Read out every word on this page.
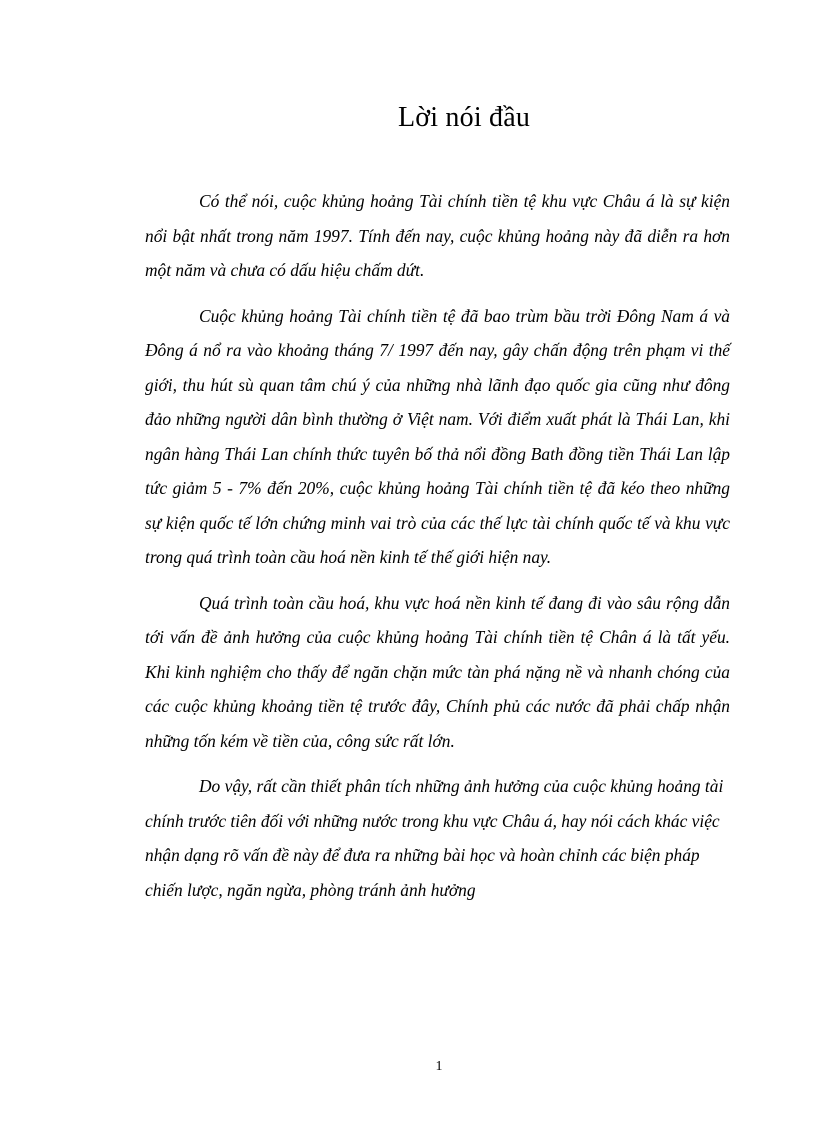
Lời nói đầu

Có thể nói, cuộc khủng hoảng Tài chính tiền tệ khu vực Châu á là sự kiện nổi bật nhất trong năm 1997. Tính đến nay, cuộc khủng hoảng này đã diễn ra hơn một năm và chưa có dấu hiệu chấm dứt.

Cuộc khủng hoảng Tài chính tiền tệ đã bao trùm bầu trời Đông Nam á và Đông á nổ ra vào khoảng tháng 7/ 1997 đến nay, gây chấn động trên phạm vi thế giới, thu hút sù quan tâm chú ý của những nhà lãnh đạo quốc gia cũng như đông đảo những người dân bình thường ở Việt nam. Với điểm xuất phát là Thái Lan, khi ngân hàng Thái Lan chính thức tuyên bố thả nổi đồng Bath đồng tiền Thái Lan lập tức giảm 5 - 7% đến 20%, cuộc khủng hoảng Tài chính tiền tệ đã kéo theo những sự kiện quốc tế lớn chứng minh vai trò của các thế lực tài chính quốc tế và khu vực trong quá trình toàn cầu hoá nền kinh tế thế giới hiện nay.

Quá trình toàn cầu hoá, khu vực hoá nền kinh tế đang đi vào sâu rộng dẫn tới vấn đề ảnh hưởng của cuộc khủng hoảng Tài chính tiền tệ Chân á là tất yếu. Khi kinh nghiệm cho thấy để ngăn chặn mức tàn phá nặng nề và nhanh chóng của các cuộc khủng khoảng tiền tệ trước đây, Chính phủ các nước đã phải chấp nhận những tốn kém về tiền của, công sức rất lớn.

Do vậy, rất cần thiết phân tích những ảnh hưởng của cuộc khủng hoảng tài chính trước tiên đối với những nước trong khu vực Châu á, hay nói cách khác việc nhận dạng rõ vấn đề này để đưa ra những bài học và hoàn chỉnh các biện pháp chiến lược, ngăn ngừa, phòng tránh ảnh hưởng

1
